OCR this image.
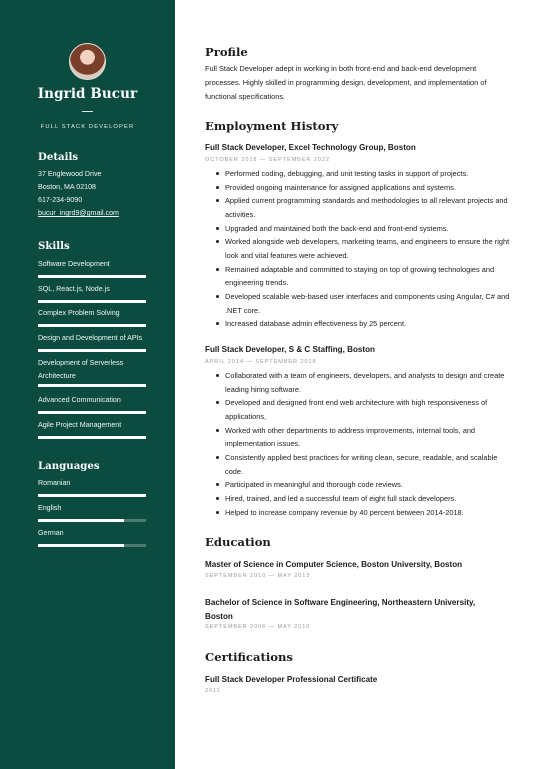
Ingrid Bucur
FULL STACK DEVELOPER
Details
37 Englewood Drive
Boston, MA 02108
617-234-9090
bucur_ingrd9@gmail.com
Skills
Software Development
SQL, React.js, Node.js
Complex Problem Solving
Design and Development of APIs
Development of Serverless Architecture
Advanced Communication
Agile Project Management
Languages
Romanian
English
German
Profile
Full Stack Developer adept in working in both front-end and back-end development processes. Highly skilled in programming design, development, and implementation of functional specifications.
Employment History
Full Stack Developer, Excel Technology Group, Boston
OCTOBER 2018 — SEPTEMBER 2022
Performed coding, debugging, and unit testing tasks in support of projects.
Provided ongoing maintenance for assigned applications and systems.
Applied current programming standards and methodologies to all relevant projects and activities.
Upgraded and maintained both the back-end and front-end systems.
Worked alongside web developers, marketing teams, and engineers to ensure the right look and vital features were achieved.
Remained adaptable and committed to staying on top of growing technologies and engineering trends.
Developed scalable web-based user interfaces and components using Angular, C# and .NET core.
Increased database admin effectiveness by 25 percent.
Full Stack Developer, S & C Staffing, Boston
APRIL 2014 — SEPTEMBER 2018
Collaborated with a team of engineers, developers, and analysts to design and create leading hiring software.
Developed and designed front end web architecture with high responsiveness of applications,
Worked with other departments to address improvements, internal tools, and implementation issues.
Consistently applied best practices for writing clean, secure, readable, and scalable code.
Participated in meaningful and thorough code reviews.
Hired, trained, and led a successful team of eight full stack developers.
Helped to increase company revenue by 40 percent between 2014-2018.
Education
Master of Science in Computer Science, Boston University, Boston
SEPTEMBER 2010 — MAY 2013
Bachelor of Science in Software Engineering, Northeastern University, Boston
SEPTEMBER 2006 — MAY 2010
Certifications
Full Stack Developer Professional Certificate
2011
